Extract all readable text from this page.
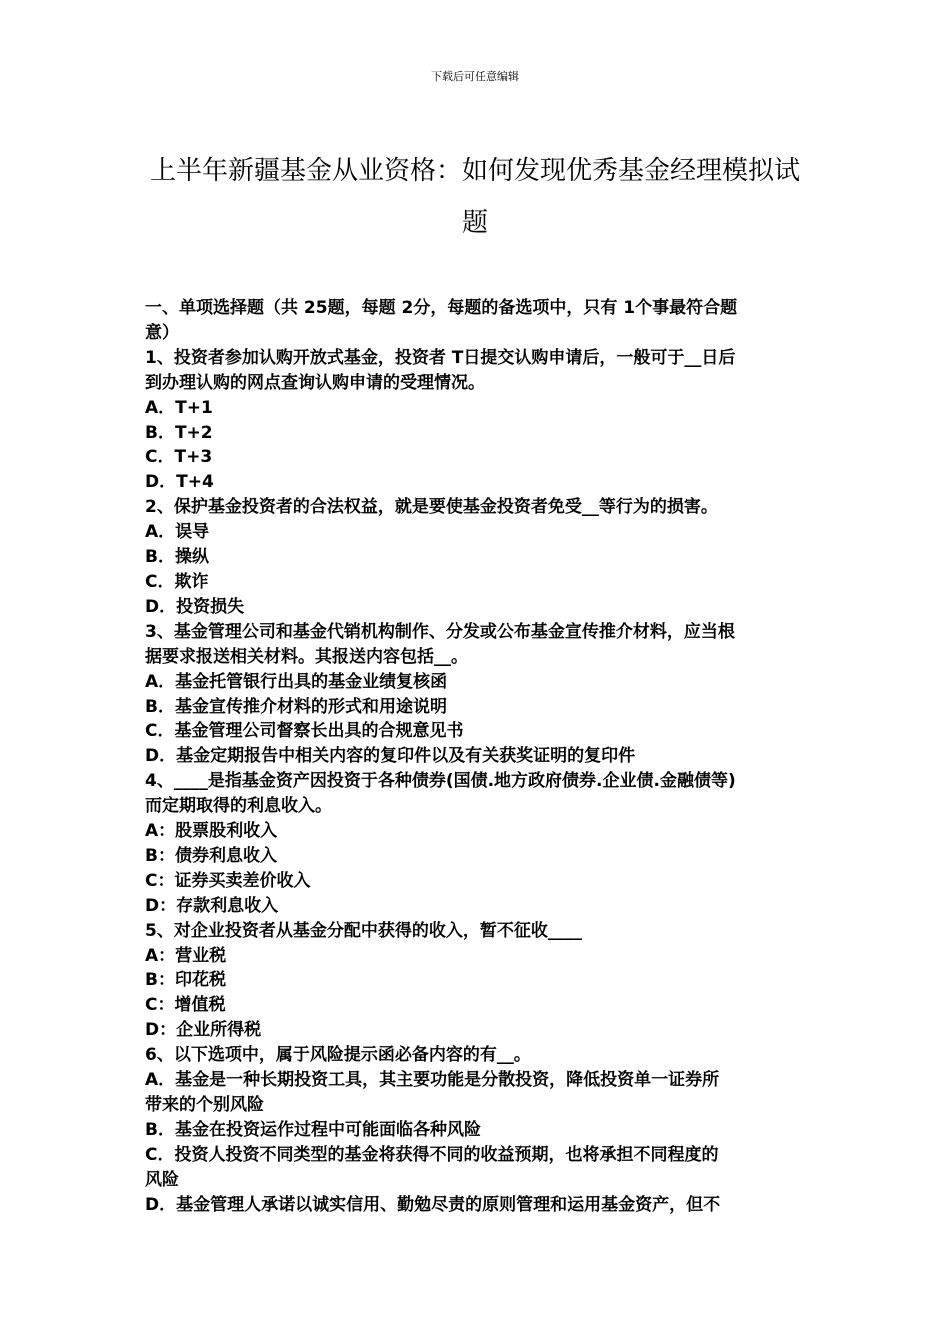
下载后可任意编辑
上半年新疆基金从业资格：如何发现优秀基金经理模拟试
题
一、单项选择题（共 25题，每题 2分，每题的备选项中，只有 1个事最符合题
意）
1、投资者参加认购开放式基金，投资者 T日提交认购申请后，一般可于__日后
到办理认购的网点查询认购申请的受理情况。
A．T+1
B．T+2
C．T+3
D．T+4
2、保护基金投资者的合法权益，就是要使基金投资者免受__等行为的损害。
A．误导
B．操纵
C．欺诈
D．投资损失
3、基金管理公司和基金代销机构制作、分发或公布基金宣传推介材料，应当根
据要求报送相关材料。其报送内容包括__。
A．基金托管银行出具的基金业绩复核函
B．基金宣传推介材料的形式和用途说明
C．基金管理公司督察长出具的合规意见书
D．基金定期报告中相关内容的复印件以及有关获奖证明的复印件
4、____是指基金资产因投资于各种债券(国债.地方政府债券.企业债.金融债等)
而定期取得的利息收入。
A：股票股利收入
B：债券利息收入
C：证券买卖差价收入
D：存款利息收入
5、对企业投资者从基金分配中获得的收入，暂不征收____
A：营业税
B：印花税
C：增值税
D：企业所得税
6、以下选项中，属于风险提示函必备内容的有__。
A．基金是一种长期投资工具，其主要功能是分散投资，降低投资单一证券所
带来的个别风险
B．基金在投资运作过程中可能面临各种风险
C．投资人投资不同类型的基金将获得不同的收益预期，也将承担不同程度的
风险
D．基金管理人承诺以诚实信用、勤勉尽责的原则管理和运用基金资产，但不
